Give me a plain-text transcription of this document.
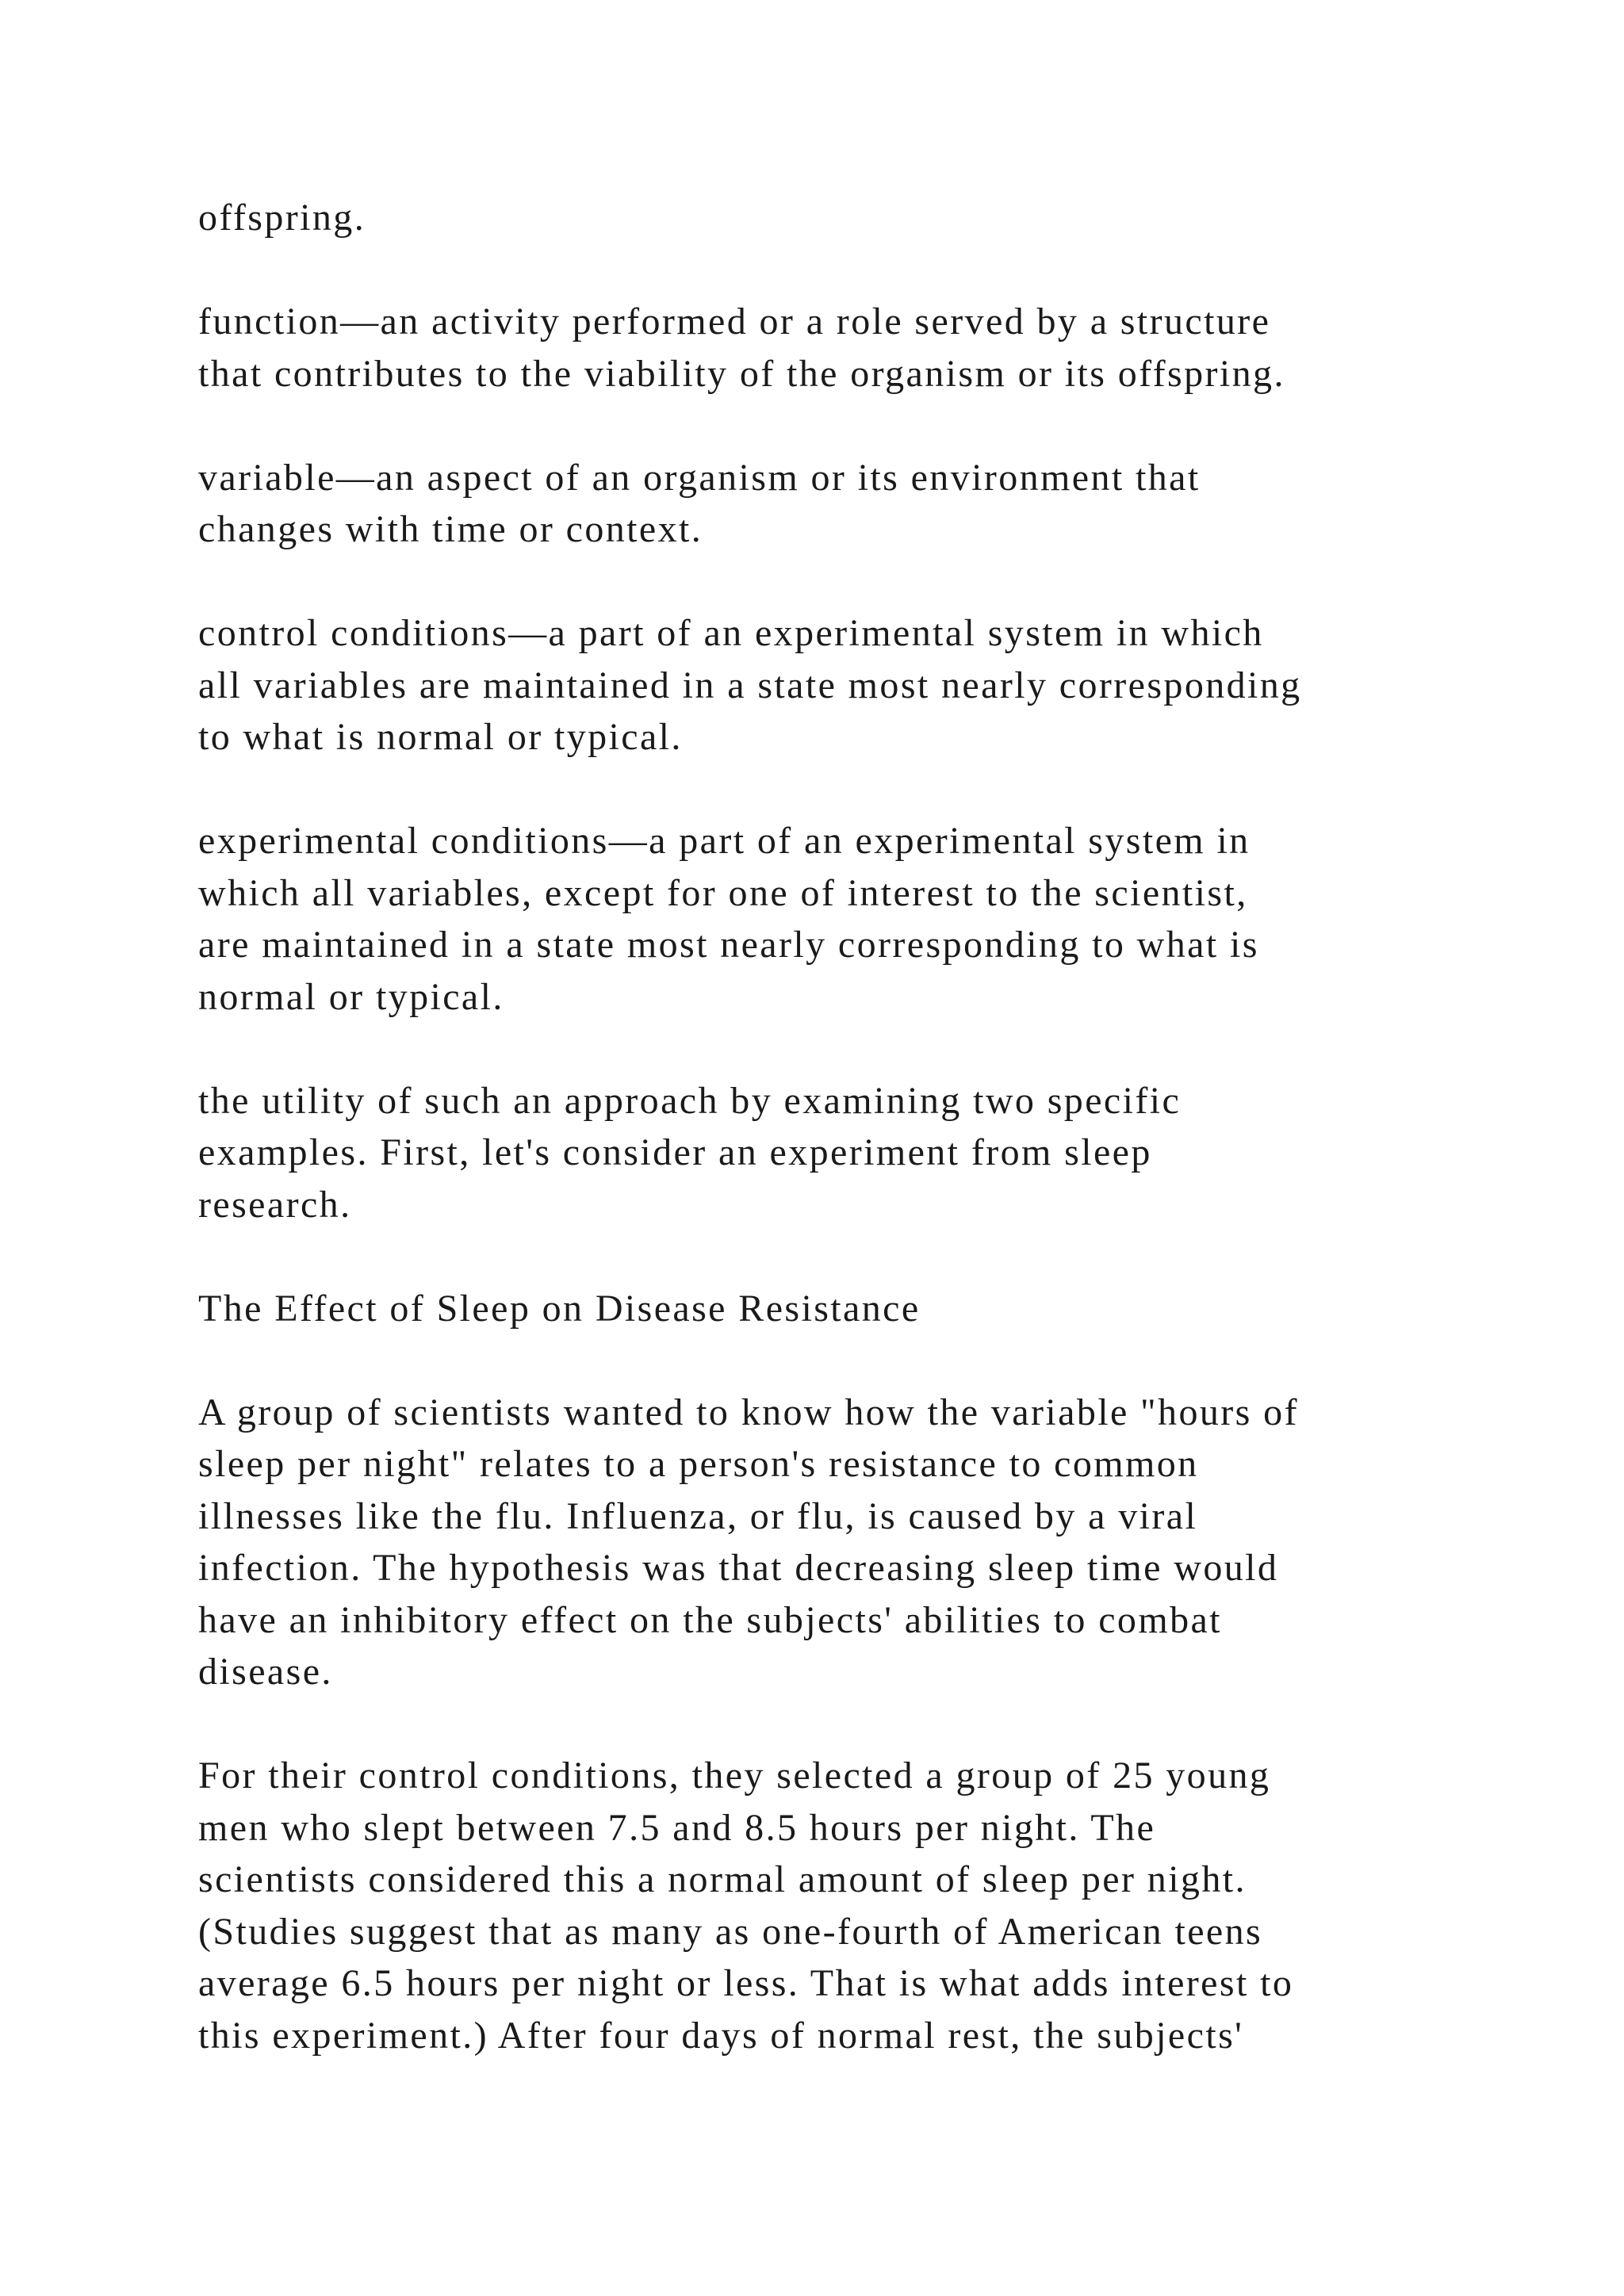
offspring.

function—an activity performed or a role served by a structure
that contributes to the viability of the organism or its offspring.

variable—an aspect of an organism or its environment that
changes with time or context.

control conditions—a part of an experimental system in which
all variables are maintained in a state most nearly corresponding
to what is normal or typical.

experimental conditions—a part of an experimental system in
which all variables, except for one of interest to the scientist,
are maintained in a state most nearly corresponding to what is
normal or typical.

the utility of such an approach by examining two specific
examples. First, let's consider an experiment from sleep
research.

The Effect of Sleep on Disease Resistance

A group of scientists wanted to know how the variable "hours of
sleep per night" relates to a person's resistance to common
illnesses like the flu. Influenza, or flu, is caused by a viral
infection. The hypothesis was that decreasing sleep time would
have an inhibitory effect on the subjects' abilities to combat
disease.

For their control conditions, they selected a group of 25 young
men who slept between 7.5 and 8.5 hours per night. The
scientists considered this a normal amount of sleep per night.
(Studies suggest that as many as one-fourth of American teens
average 6.5 hours per night or less. That is what adds interest to
this experiment.) After four days of normal rest, the subjects'
